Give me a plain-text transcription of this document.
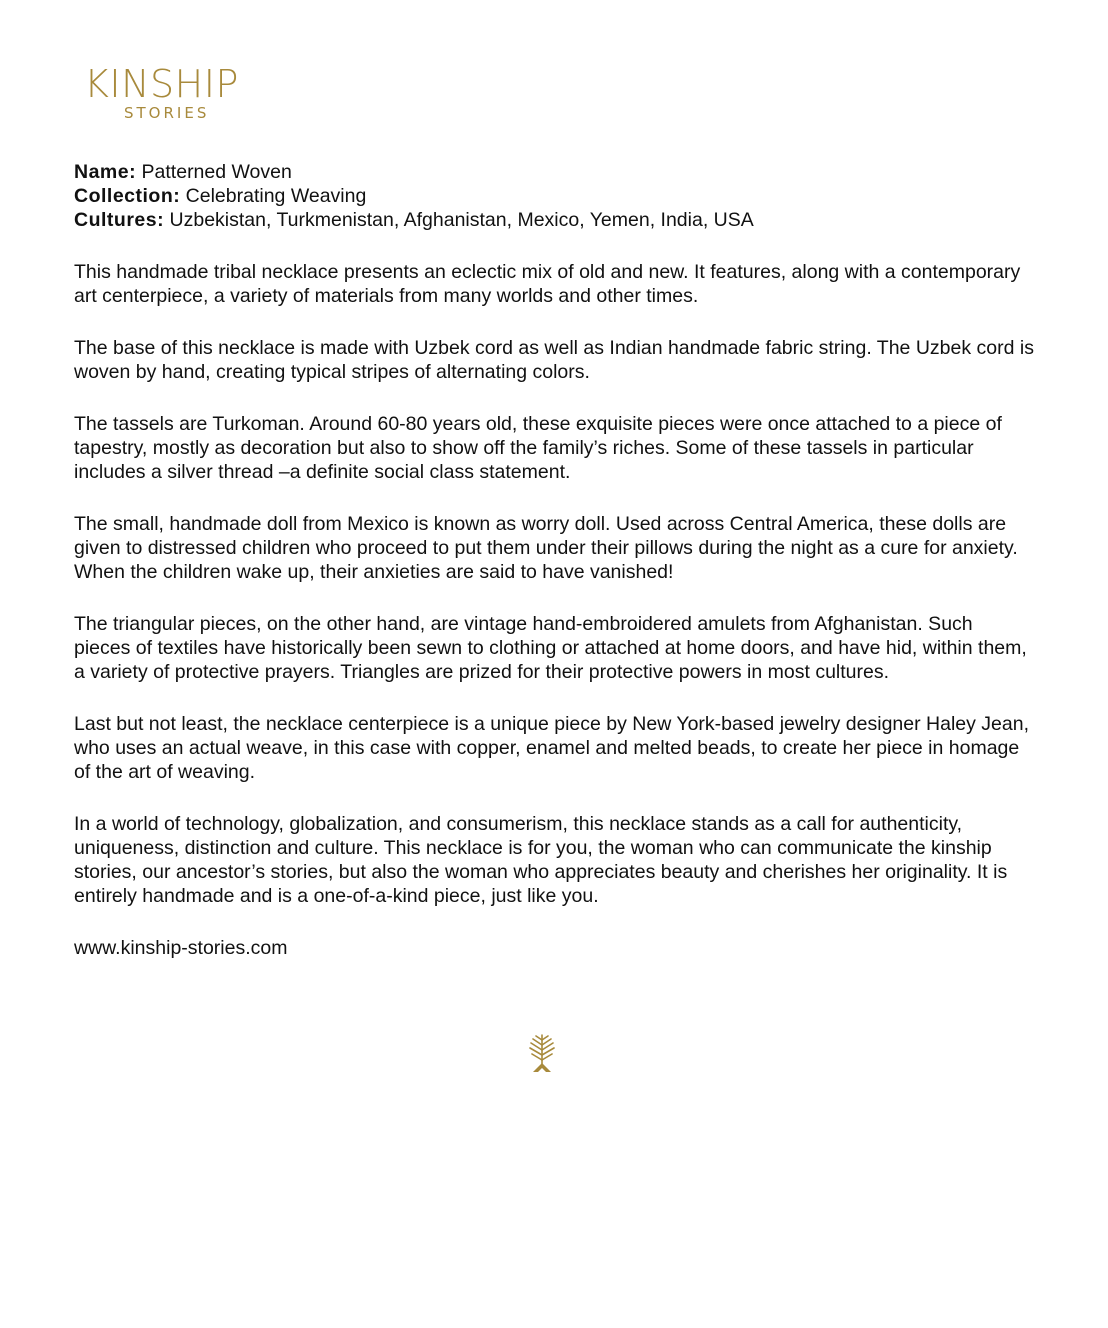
KINSHIP
STORIES

Name: Patterned Woven

Collection: Celebrating Weaving

Cultures: Uzbekistan, Turkmenistan, Afghanistan, Mexico, Yemen, India, USA

This handmade tribal necklace presents an eclectic mix of old and new. It features, along with a contemporary art centerpiece, a variety of materials from many worlds and other times.

The base of this necklace is made with Uzbek cord as well as Indian handmade fabric string. The Uzbek cord is woven by hand, creating typical stripes of alternating colors.

The tassels are Turkoman. Around 60-80 years old, these exquisite pieces were once attached to a piece of tapestry, mostly as decoration but also to show off the family’s riches. Some of these tassels in particular includes a silver thread –a definite social class statement.

The small, handmade doll from Mexico is known as worry doll. Used across Central America, these dolls are given to distressed children who proceed to put them under their pillows during the night as a cure for anxiety. When the children wake up, their anxieties are said to have vanished!

The triangular pieces, on the other hand, are vintage hand-embroidered amulets from Afghanistan. Such pieces of textiles have historically been sewn to clothing or attached at home doors, and have hid, within them, a variety of protective prayers. Triangles are prized for their protective powers in most cultures.

Last but not least, the necklace centerpiece is a unique piece by New York-based jewelry designer Haley Jean, who uses an actual weave, in this case with copper, enamel and melted beads, to create her piece in homage of the art of weaving.

In a world of technology, globalization, and consumerism, this necklace stands as a call for authenticity, uniqueness, distinction and culture. This necklace is for you, the woman who can communicate the kinship stories, our ancestor’s stories, but also the woman who appreciates beauty and cherishes her originality. It is entirely handmade and is a one-of-a-kind piece, just like you.

www.kinship-stories.com
